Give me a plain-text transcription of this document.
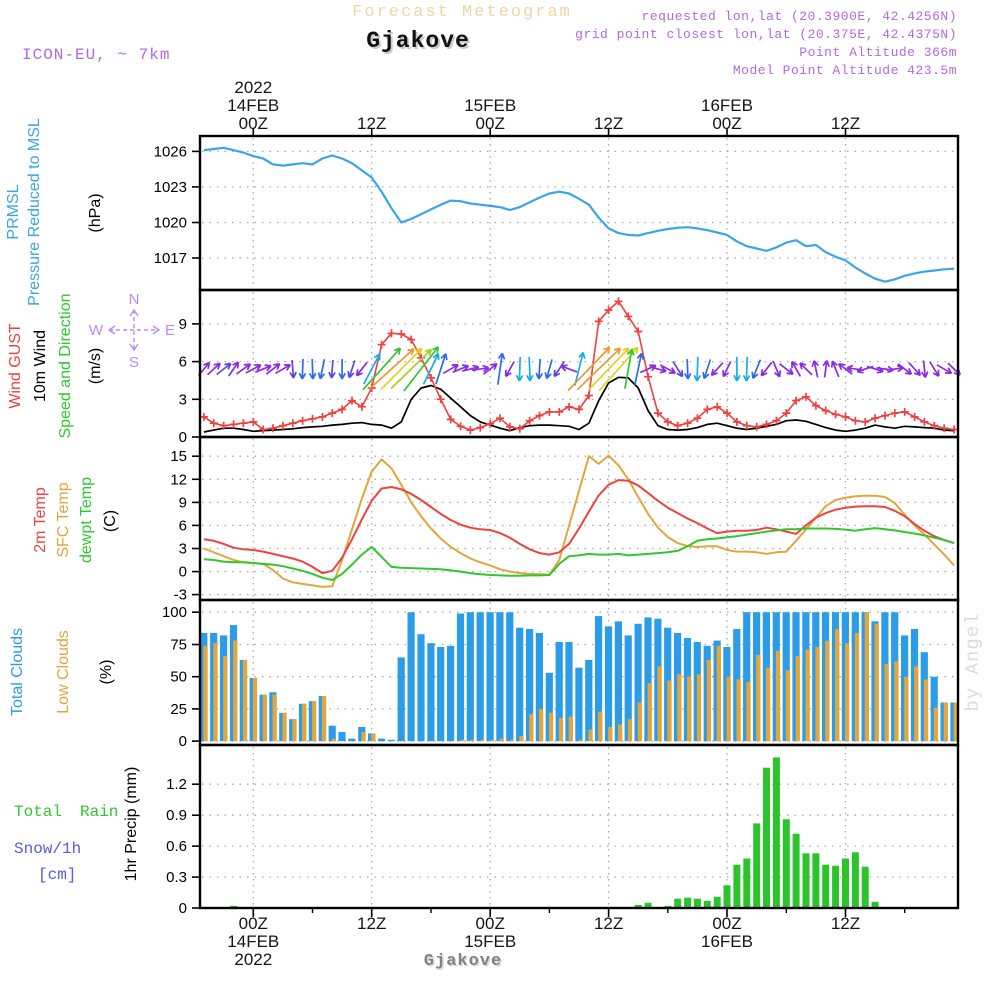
N
S
W	E
1017
1020
1023
1026
0
3
6
9
-3
0
3
6
9
12
15
0
25
50
75
100
0
0.3
0.6
0.9
1.2
2022
14FEB
00Z	12Z
15FEB
00Z	12Z
16FEB
00Z	12Z
00Z
14FEB
2022
12Z	00Z
15FEB
12Z	00Z
16FEB
12Z
Forecast Meteogram
Gjakove
requested lon,lat (20.3900E, 42.4256N)
grid point closest lon,lat (20.375E, 42.4375N)
Point Altitude 366m
Model Point Altitude 423.5m
ICON-EU, ~ 7km
PRMSL Pressure Reduced to MSL	(hPa)
Wind GUST 10m Wind Speed and Direction (m/s)
2m Temp SFC Temp dewpt Temp (C)
Total Clouds Low Clouds (%)
Total Rain
Snow/1h
[cm]	1hr Precip (mm)
by Angel
Gjakove
